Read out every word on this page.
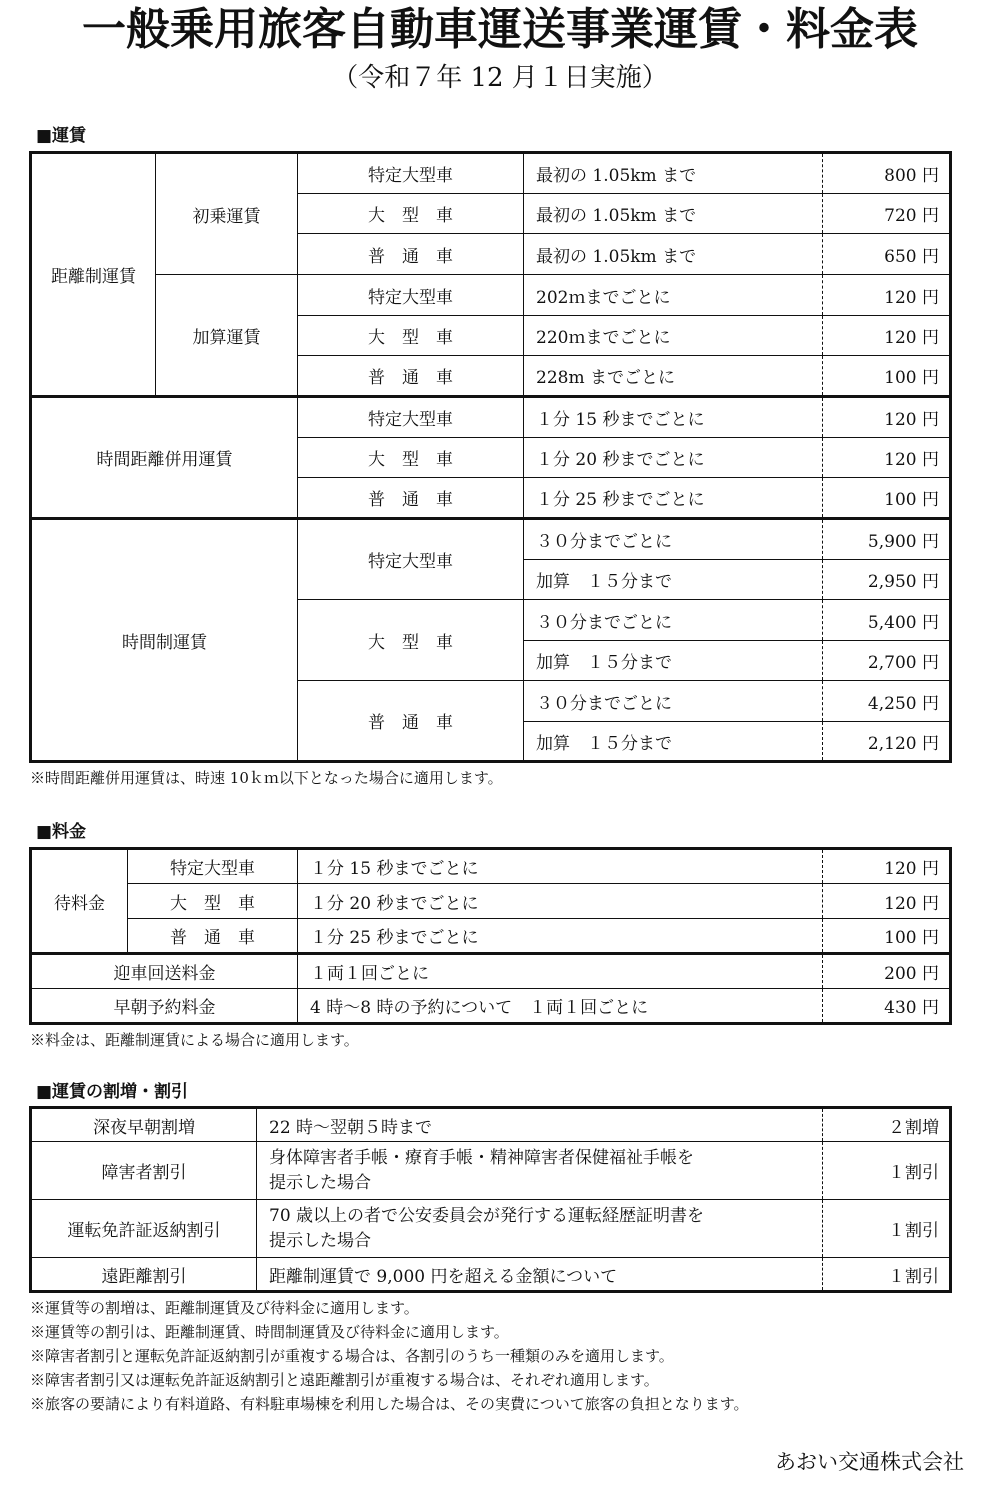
一般乗用旅客自動車運送事業運賃・料金表
（令和７年 12 月１日実施）
■運賃
距離制運賃	初乗運賃	特定大型車	最初の 1.05km まで	800 円
		大　型　車	最初の 1.05km まで	720 円
		普　通　車	最初の 1.05km まで	650 円
	加算運賃	特定大型車	202ｍまでごとに	120 円
		大　型　車	220ｍまでごとに	120 円
		普　通　車	228m までごとに	100 円
時間距離併用運賃		特定大型車	１分 15 秒までごとに	120 円
		大　型　車	１分 20 秒までごとに	120 円
		普　通　車	１分 25 秒までごとに	100 円
時間制運賃		特定大型車	３０分までごとに	5,900 円
			加算　１５分まで	2,950 円
		大　型　車	３０分までごとに	5,400 円
			加算　１５分まで	2,700 円
		普　通　車	３０分までごとに	4,250 円
			加算　１５分まで	2,120 円
※時間距離併用運賃は、時速 10ｋｍ以下となった場合に適用します。
■料金
待料金	特定大型車	１分 15 秒までごとに	120 円
	大　型　車	１分 20 秒までごとに	120 円
	普　通　車	１分 25 秒までごとに	100 円
迎車回送料金		１両１回ごとに	200 円
早朝予約料金		4 時～8 時の予約について　１両１回ごとに	430 円
※料金は、距離制運賃による場合に適用します。
■運賃の割増・割引
深夜早朝割増	22 時～翌朝５時まで	２割増
障害者割引	身体障害者手帳・療育手帳・精神障害者保健福祉手帳を
提示した場合	１割引
運転免許証返納割引	70 歳以上の者で公安委員会が発行する運転経歴証明書を
提示した場合	１割引
遠距離割引	距離制運賃で 9,000 円を超える金額について	１割引
※運賃等の割増は、距離制運賃及び待料金に適用します。
※運賃等の割引は、距離制運賃、時間制運賃及び待料金に適用します。
※障害者割引と運転免許証返納割引が重複する場合は、各割引のうち一種類のみを適用します。
※障害者割引又は運転免許証返納割引と遠距離割引が重複する場合は、それぞれ適用します。
※旅客の要請により有料道路、有料駐車場棟を利用した場合は、その実費について旅客の負担となります。
あおい交通株式会社
